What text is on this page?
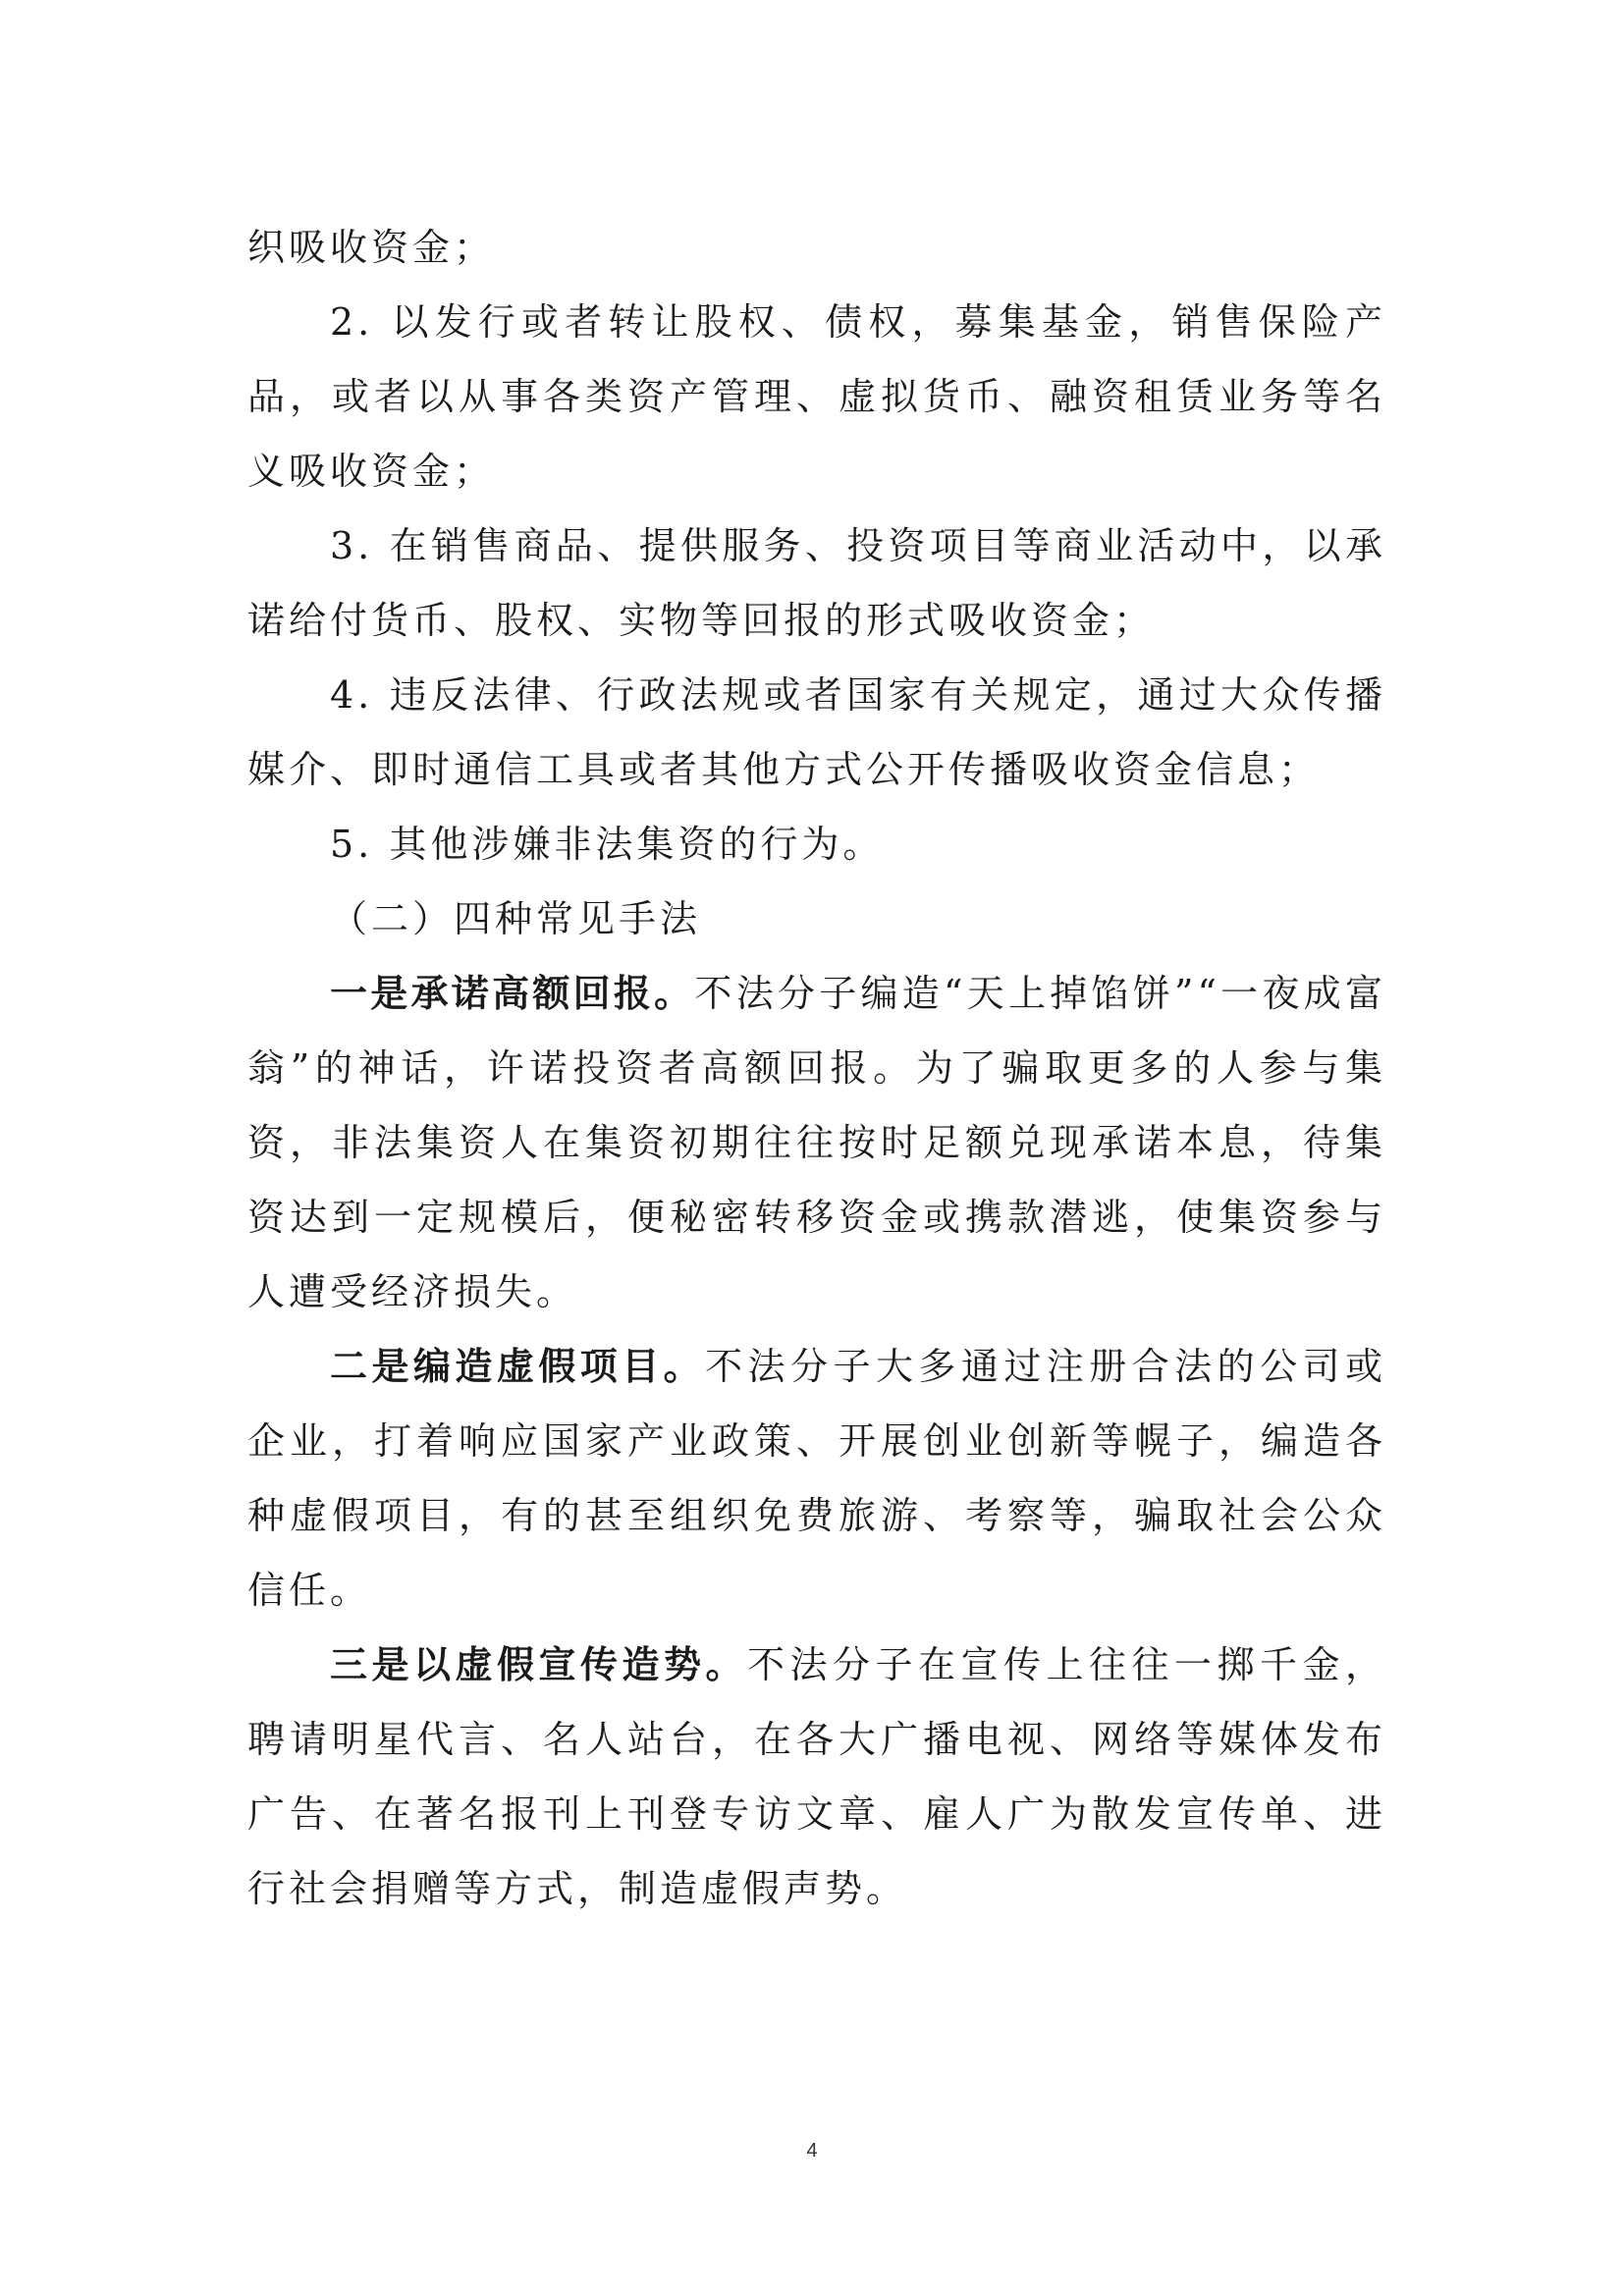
织吸收资金；

2. 以发行或者转让股权、债权，募集基金，销售保险产品，或者以从事各类资产管理、虚拟货币、融资租赁业务等名义吸收资金；

3. 在销售商品、提供服务、投资项目等商业活动中，以承诺给付货币、股权、实物等回报的形式吸收资金；

4. 违反法律、行政法规或者国家有关规定，通过大众传播媒介、即时通信工具或者其他方式公开传播吸收资金信息；

5. 其他涉嫌非法集资的行为。

（二）四种常见手法

一是承诺高额回报。不法分子编造“天上掉馅饼”“一夜成富翁”的神话，许诺投资者高额回报。为了骗取更多的人参与集资，非法集资人在集资初期往往按时足额兑现承诺本息，待集资达到一定规模后，便秘密转移资金或携款潜逃，使集资参与人遭受经济损失。

二是编造虚假项目。不法分子大多通过注册合法的公司或企业，打着响应国家产业政策、开展创业创新等幌子，编造各种虚假项目，有的甚至组织免费旅游、考察等，骗取社会公众信任。

三是以虚假宣传造势。不法分子在宣传上往往一掷千金，聘请明星代言、名人站台，在各大广播电视、网络等媒体发布广告、在著名报刊上刊登专访文章、雇人广为散发宣传单、进行社会捐赠等方式，制造虚假声势。

4
